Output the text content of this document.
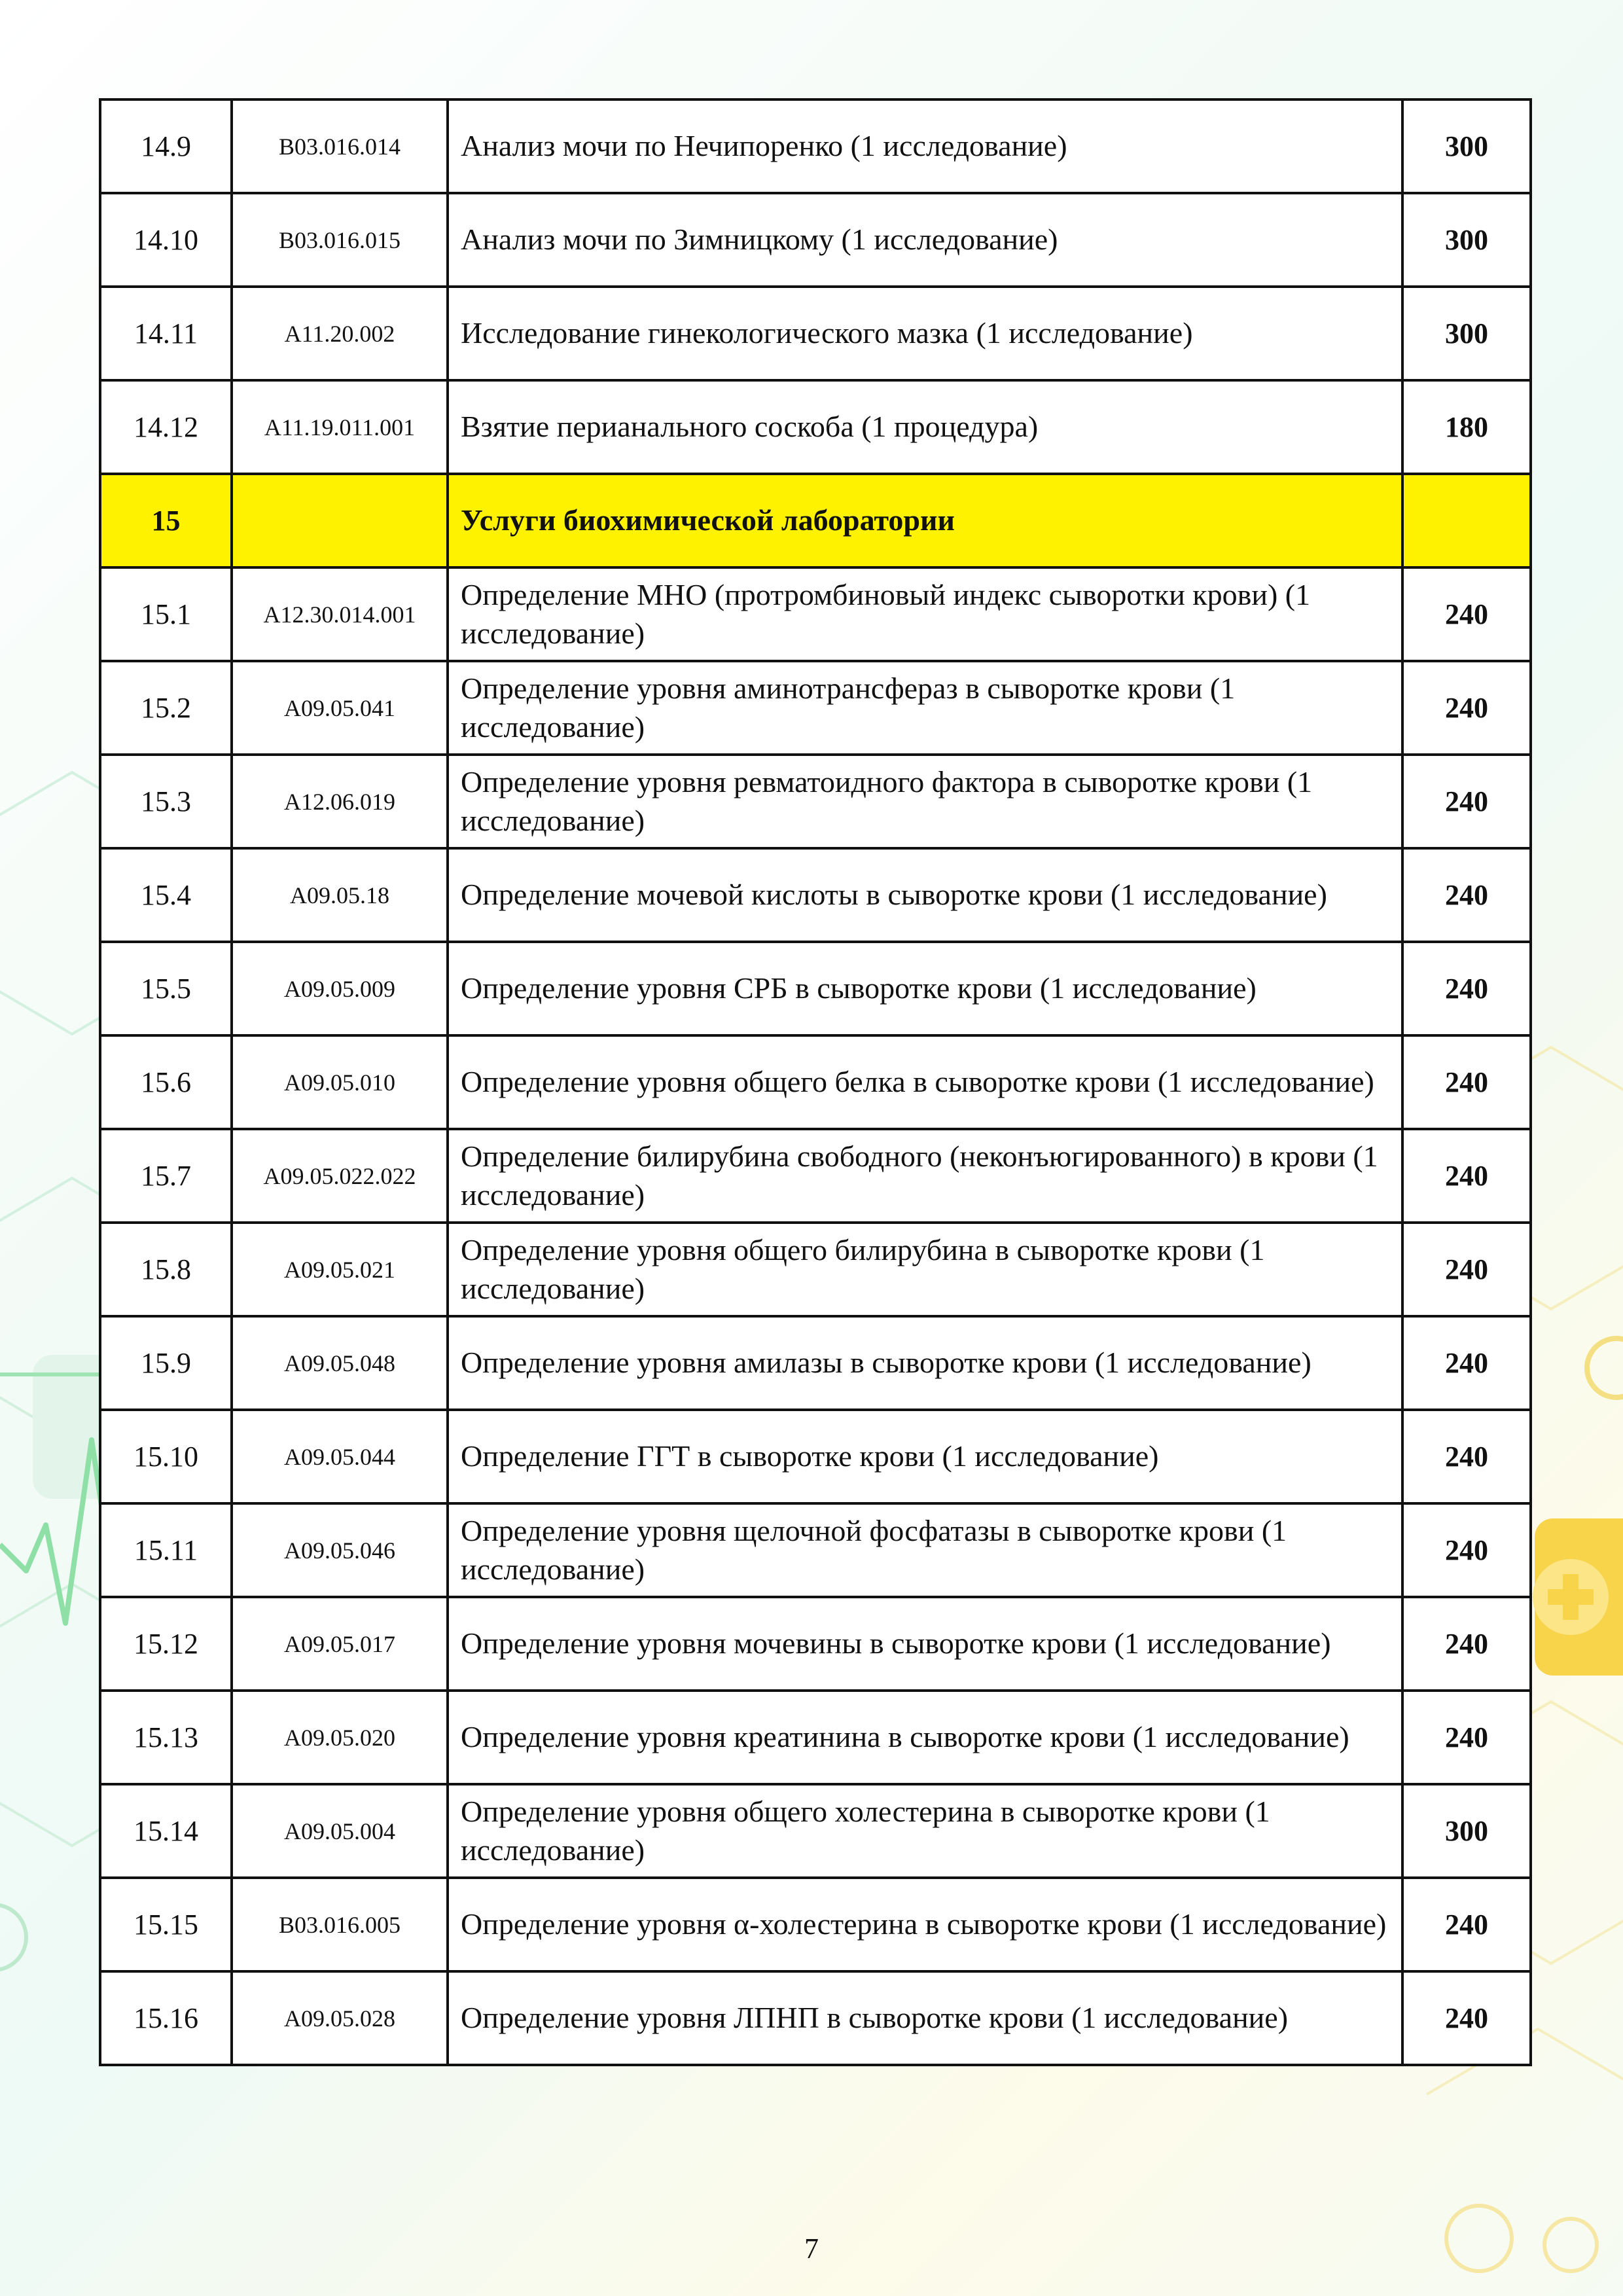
14.9	B03.016.014	Анализ мочи по Нечипоренко (1 исследование)	300
14.10	B03.016.015	Анализ мочи по Зимницкому (1 исследование)	300
14.11	A11.20.002	Исследование гинекологического мазка (1 исследование)	300
14.12	A11.19.011.001	Взятие перианального соскоба (1 процедура)	180
15		Услуги биохимической лаборатории	
15.1	A12.30.014.001	Определение МНО (протромбиновый индекс сыворотки крови) (1 исследование)	240
15.2	A09.05.041	Определение уровня аминотрансфераз в сыворотке крови (1 исследование)	240
15.3	A12.06.019	Определение уровня ревматоидного фактора в сыворотке крови (1 исследование)	240
15.4	A09.05.18	Определение мочевой кислоты в сыворотке крови (1 исследование)	240
15.5	A09.05.009	Определение уровня СРБ в сыворотке крови (1 исследование)	240
15.6	A09.05.010	Определение уровня общего белка в сыворотке крови (1 исследование)	240
15.7	A09.05.022.022	Определение билирубина свободного (неконъюгированного) в крови (1 исследование)	240
15.8	A09.05.021	Определение уровня общего билирубина в сыворотке крови (1 исследование)	240
15.9	A09.05.048	Определение уровня амилазы в сыворотке крови (1 исследование)	240
15.10	A09.05.044	Определение ГГТ в сыворотке крови (1 исследование)	240
15.11	A09.05.046	Определение уровня щелочной фосфатазы в сыворотке крови (1 исследование)	240
15.12	A09.05.017	Определение уровня мочевины в сыворотке крови (1 исследование)	240
15.13	A09.05.020	Определение уровня креатинина в сыворотке крови (1 исследование)	240
15.14	A09.05.004	Определение уровня общего холестерина в сыворотке крови (1 исследование)	300
15.15	B03.016.005	Определение уровня α-холестерина в сыворотке крови (1 исследование)	240
15.16	A09.05.028	Определение уровня ЛПНП в сыворотке крови (1 исследование)	240
7
